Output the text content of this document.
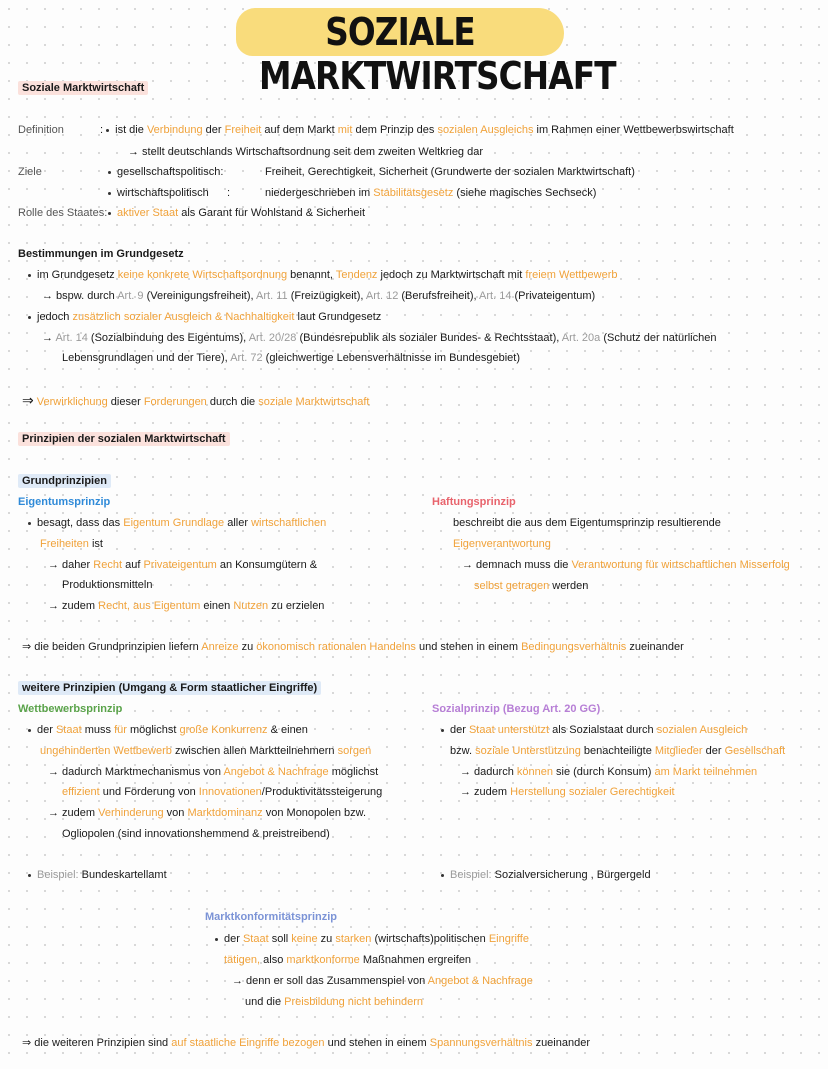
SOZIALE MARKTWIRTSCHAFT
Soziale Marktwirtschaft
Definition	: ist die Verbindung der Freiheit auf dem Markt mit dem Prinzip des sozialen Ausgleichs im Rahmen einer Wettbewerbswirtschaft
→ stellt deutschlands Wirtschaftsordnung seit dem zweiten Weltkrieg dar
Ziele	gesellschaftspolitisch:	Freiheit, Gerechtigkeit, Sicherheit (Grundwerte der sozialen Marktwirtschaft)
wirtschaftspolitisch      :	niedergeschrieben im Stabilitätsgesetz (siehe magisches Sechseck)
Rolle des Staates: aktiver Staat als Garant für Wohlstand & Sicherheit
Bestimmungen im Grundgesetz
im Grundgesetz keine konkrete Wirtschaftsordnung benannt, Tendenz jedoch zu Marktwirtschaft mit freiem Wettbewerb
→ bspw. durch Art. 9 (Vereinigungsfreiheit), Art. 11 (Freizügigkeit), Art. 12 (Berufsfreiheit), Art. 14 (Privateigentum)
jedoch zusätzlich sozialer Ausgleich & Nachhaltigkeit laut Grundgesetz
→ Art. 14 (Sozialbindung des Eigentums), Art. 20/28 (Bundesrepublik als sozialer Bundes- & Rechtsstaat), Art. 20a (Schutz der natürlichen
Lebensgrundlagen und der Tiere), Art. 72 (gleichwertige Lebensverhältnisse im Bundesgebiet)
⇒ Verwirklichung dieser Forderungen durch die soziale Marktwirtschaft
Prinzipien der sozialen Marktwirtschaft
Grundprinzipien
Eigentumsprinzip
besagt, dass das Eigentum Grundlage aller wirtschaftlichen
Freiheiten ist
→ daher Recht auf Privateigentum an Konsumgütern &
Produktionsmitteln
→ zudem Recht, aus Eigentum einen Nutzen zu erzielen
Haftungsprinzip
beschreibt die aus dem Eigentumsprinzip resultierende
Eigenverantwortung
→ demnach muss die Verantwortung für wirtschaftlichen Misserfolg
selbst getragen werden
⇒ die beiden Grundprinzipien liefern Anreize zu ökonomisch rationalen Handelns und stehen in einem Bedingungsverhältnis zueinander
weitere Prinzipien (Umgang & Form staatlicher Eingriffe)
Wettbewerbsprinzip
der Staat muss für möglichst große Konkurrenz & einen
ungehinderten Wettbewerb zwischen allen Marktteilnehmern sorgen
→ dadurch Marktmechanismus von Angebot & Nachfrage möglichst
effizient und Förderung von Innovationen/Produktivitätssteigerung
→ zudem Verhinderung von Marktdominanz von Monopolen bzw.
Ogliopolen (sind innovationshemmend & preistreibend)
Beispiel: Bundeskartellamt
Sozialprinzip (Bezug Art. 20 GG)
der Staat unterstützt als Sozialstaat durch sozialen Ausgleich
bzw. soziale Unterstützung benachteiligte Mitglieder der Gesellschaft
→ dadurch können sie (durch Konsum) am Markt teilnehmen
→ zudem Herstellung sozialer Gerechtigkeit
Beispiel: Sozialversicherung , Bürgergeld
Marktkonformitätsprinzip
der Staat soll keine zu starken (wirtschafts)politischen Eingriffe
tätigen, also marktkonforme Maßnahmen ergreifen
→ denn er soll das Zusammenspiel von Angebot & Nachfrage
und die Preisbildung nicht behindern
⇒ die weiteren Prinzipien sind auf staatliche Eingriffe bezogen und stehen in einem Spannungsverhältnis zueinander
